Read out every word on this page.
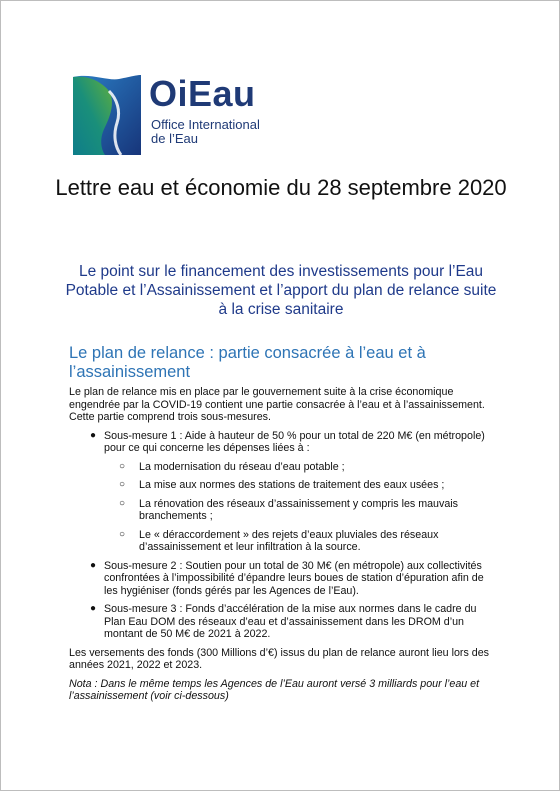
OiEau
Office International
de l’Eau
Lettre eau et économie du 28 septembre 2020
Le point sur le financement des investissements pour l’Eau Potable et l’Assainissement et l’apport du plan de relance suite à la crise sanitaire
Le plan de relance : partie consacrée à l’eau et à l’assainissement

Le plan de relance mis en place par le gouvernement suite à la crise économique engendrée par la COVID-19 contient une partie consacrée à l’eau et à l’assainissement. Cette partie comprend trois sous-mesures.

● Sous-mesure 1 : Aide à hauteur de 50 % pour un total de 220 M€ (en métropole) pour ce qui concerne les dépenses liées à :
○ La modernisation du réseau d’eau potable ;
○ La mise aux normes des stations de traitement des eaux usées ;
○ La rénovation des réseaux d’assainissement y compris les mauvais branchements ;
○ Le « déraccordement » des rejets d’eaux pluviales des réseaux d’assainissement et leur infiltration à la source.
● Sous-mesure 2 : Soutien pour un total de 30 M€ (en métropole) aux collectivités confrontées à l’impossibilité d’épandre leurs boues de station d’épuration afin de les hygiéniser (fonds gérés par les Agences de l’Eau).
● Sous-mesure 3 : Fonds d’accélération de la mise aux normes dans le cadre du Plan Eau DOM des réseaux d’eau et d’assainissement dans les DROM d’un montant de 50 M€ de 2021 à 2022.

Les versements des fonds (300 Millions d’€) issus du plan de relance auront lieu lors des années 2021, 2022 et 2023.

Nota : Dans le même temps les Agences de l’Eau auront versé 3 milliards pour l’eau et l’assainissement (voir ci-dessous)
